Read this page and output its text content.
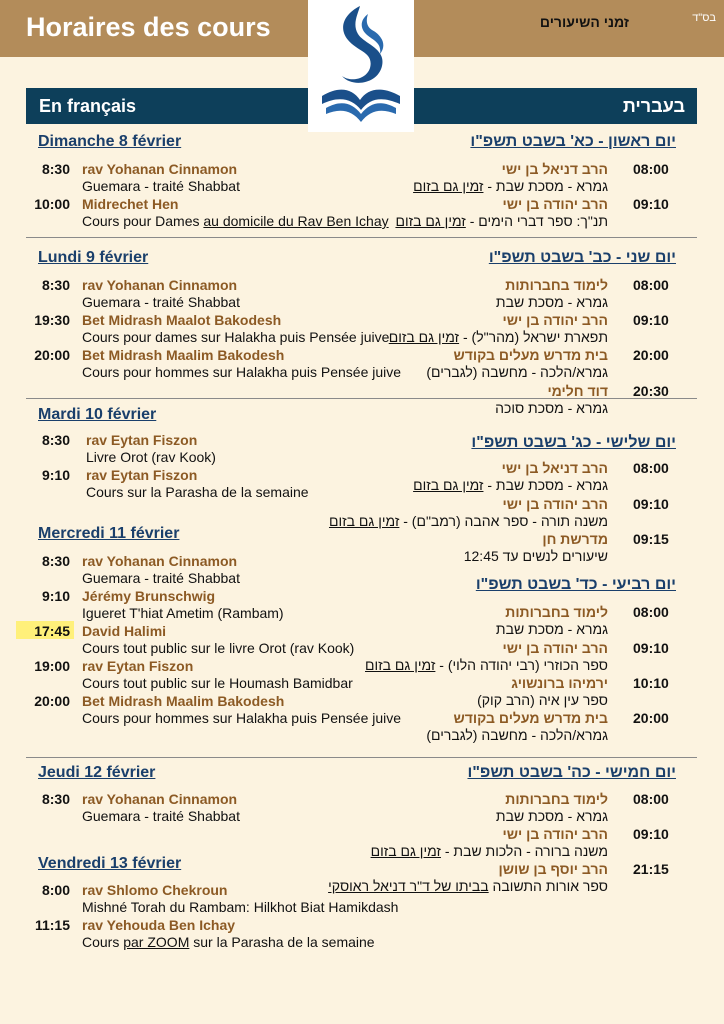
Horaires des cours	זמני השיעורים	בס"ד
En français	בעברית
Dimanche 8 février
8:30 rav Yohanan Cinnamon
Guemara - traité Shabbat
10:00 Midrechet Hen
Cours pour Dames au domicile du Rav Ben Ichay
Lundi 9 février
8:30 rav Yohanan Cinnamon
Guemara - traité Shabbat
19:30 Bet Midrash Maalot Bakodesh
Cours pour dames sur Halakha puis Pensée juive
20:00 Bet Midrash Maalim Bakodesh
Cours pour hommes sur Halakha puis Pensée juive
Mardi 10 février
8:30 rav Eytan Fiszon
Livre Orot (rav Kook)
9:10 rav Eytan Fiszon
Cours sur la Parasha de la semaine
Mercredi 11 février
8:30 rav Yohanan Cinnamon
Guemara - traité Shabbat
9:10 Jérémy Brunschwig
Igueret T'hiat Ametim (Rambam)
17:45 David Halimi
Cours tout public sur le livre Orot (rav Kook)
19:00 rav Eytan Fiszon
Cours tout public sur le Houmash Bamidbar
20:00 Bet Midrash Maalim Bakodesh
Cours pour hommes sur Halakha puis Pensée juive
Jeudi 12 février
8:30 rav Yohanan Cinnamon
Guemara - traité Shabbat
Vendredi 13 février
8:00 rav Shlomo Chekroun
Mishné Torah du Rambam: Hilkhot Biat Hamikdash
11:15 rav Yehouda Ben Ichay
Cours par ZOOM sur la Parasha de la semaine
יום ראשון - כא' בשבט תשפ"ו
08:00
הרב דניאל בן ישי
גמרא - מסכת שבת - זמין גם בזום
09:10
הרב יהודה בן ישי
תנ"ך: ספר דברי הימים - זמין גם בזום
יום שני - כב' בשבט תשפ"ו
08:00
לימוד בחברותות
גמרא - מסכת שבת
09:10
הרב יהודה בן ישי
תפארת ישראל (מהר"ל) - זמין גם בזום
20:00
בית מדרש מעלים בקודש
גמרא/הלכה - מחשבה (לגברים)
20:30
דוד חלימי
גמרא - מסכת סוכה
יום שלישי - כג' בשבט תשפ"ו
08:00
הרב דניאל בן ישי
גמרא - מסכת שבת - זמין גם בזום
09:10
הרב יהודה בן ישי
משנה תורה - ספר אהבה (רמב"ם) - זמין גם בזום
09:15
מדרשת חן
שיעורים לנשים עד 12:45
יום רביעי - כד' בשבט תשפ"ו
08:00
לימוד בחברותות
גמרא - מסכת שבת
09:10
הרב יהודה בן ישי
ספר הכוזרי (רבי יהודה הלוי) - זמין גם בזום
10:10
ירמיהו ברונשויג
ספר עין איה (הרב קוק)
20:00
בית מדרש מעלים בקודש
גמרא/הלכה - מחשבה (לגברים)
יום חמישי - כה' בשבט תשפ"ו
08:00
לימוד בחברותות
גמרא - מסכת שבת
09:10
הרב יהודה בן ישי
משנה ברורה - הלכות שבת - זמין גם בזום
21:15
הרב יוסף בן שושן
ספר אורות התשובה בביתו של ד"ר דניאל ראוסקי
